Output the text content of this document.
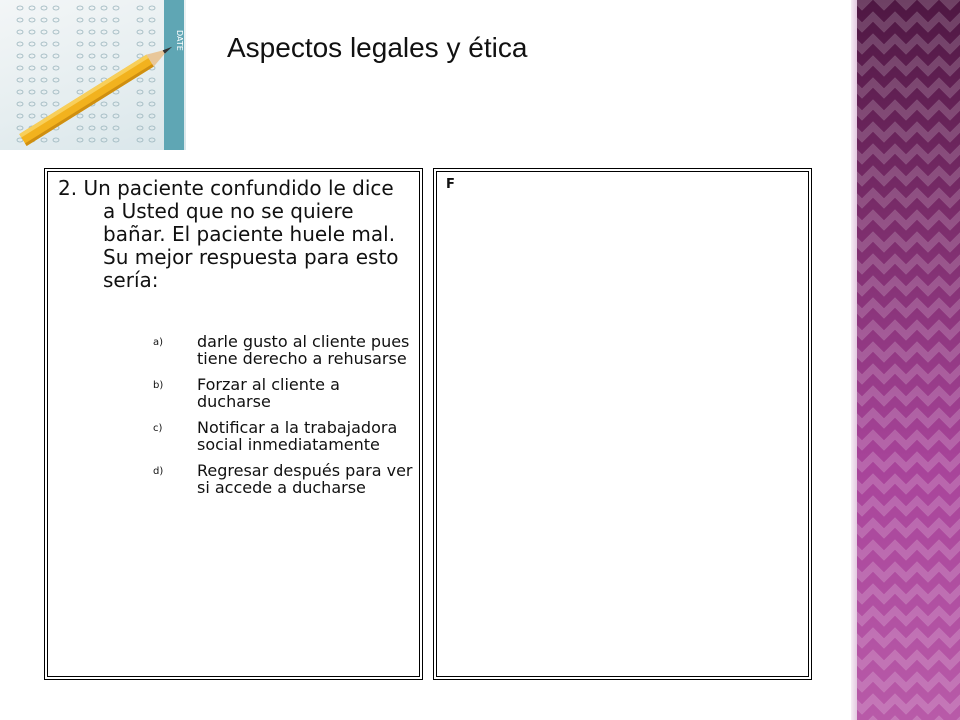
DATE Aspectos legales y ética
2. Un paciente confundido le dice a Usted que no se quiere bañar. El paciente huele mal. Su mejor respuesta para esto sería:
a) darle gusto al cliente pues tiene derecho a rehusarse
b) Forzar al cliente a ducharse
c) Notificar a la trabajadora social inmediatamente
d) Regresar después para ver si accede a ducharse
F
